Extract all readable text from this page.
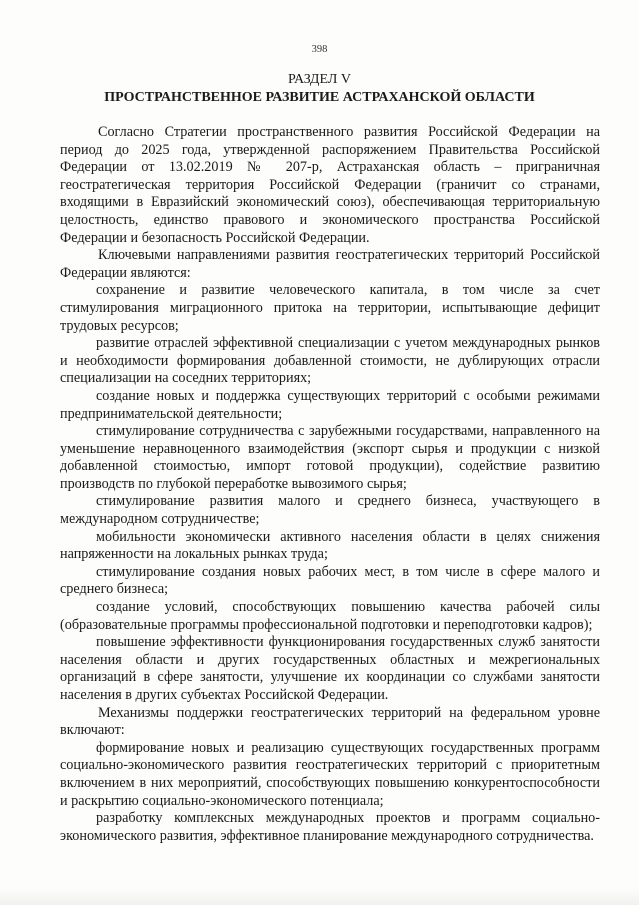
398
РАЗДЕЛ V
ПРОСТРАНСТВЕННОЕ РАЗВИТИЕ АСТРАХАНСКОЙ ОБЛАСТИ

Согласно Стратегии пространственного развития Российской Федерации на период до 2025 года, утвержденной распоряжением Правительства Российской Федерации от 13.02.2019 № 207-р, Астраханская область – приграничная геостратегическая территория Российской Федерации (граничит со странами, входящими в Евразийский экономический союз), обеспечивающая территориальную целостность, единство правового и экономического пространства Российской Федерации и безопасность Российской Федерации.

Ключевыми направлениями развития геостратегических территорий Российской Федерации являются:

сохранение и развитие человеческого капитала, в том числе за счет стимулирования миграционного притока на территории, испытывающие дефицит трудовых ресурсов;

развитие отраслей эффективной специализации с учетом международных рынков и необходимости формирования добавленной стоимости, не дублирующих отрасли специализации на соседних территориях;

создание новых и поддержка существующих территорий с особыми режимами предпринимательской деятельности;

стимулирование сотрудничества с зарубежными государствами, направленного на уменьшение неравноценного взаимодействия (экспорт сырья и продукции с низкой добавленной стоимостью, импорт готовой продукции), содействие развитию производств по глубокой переработке вывозимого сырья;

стимулирование развития малого и среднего бизнеса, участвующего в международном сотрудничестве;

мобильности экономически активного населения области в целях снижения напряженности на локальных рынках труда;

стимулирование создания новых рабочих мест, в том числе в сфере малого и среднего бизнеса;

создание условий, способствующих повышению качества рабочей силы (образовательные программы профессиональной подготовки и переподготовки кадров);

повышение эффективности функционирования государственных служб занятости населения области и других государственных областных и межрегиональных организаций в сфере занятости, улучшение их координации со службами занятости населения в других субъектах Российской Федерации.

Механизмы поддержки геостратегических территорий на федеральном уровне включают:

формирование новых и реализацию существующих государственных программ социально-экономического развития геостратегических территорий с приоритетным включением в них мероприятий, способствующих повышению конкурентоспособности и раскрытию социально-экономического потенциала;

разработку комплексных международных проектов и программ социально-экономического развития, эффективное планирование международного сотрудничества.
